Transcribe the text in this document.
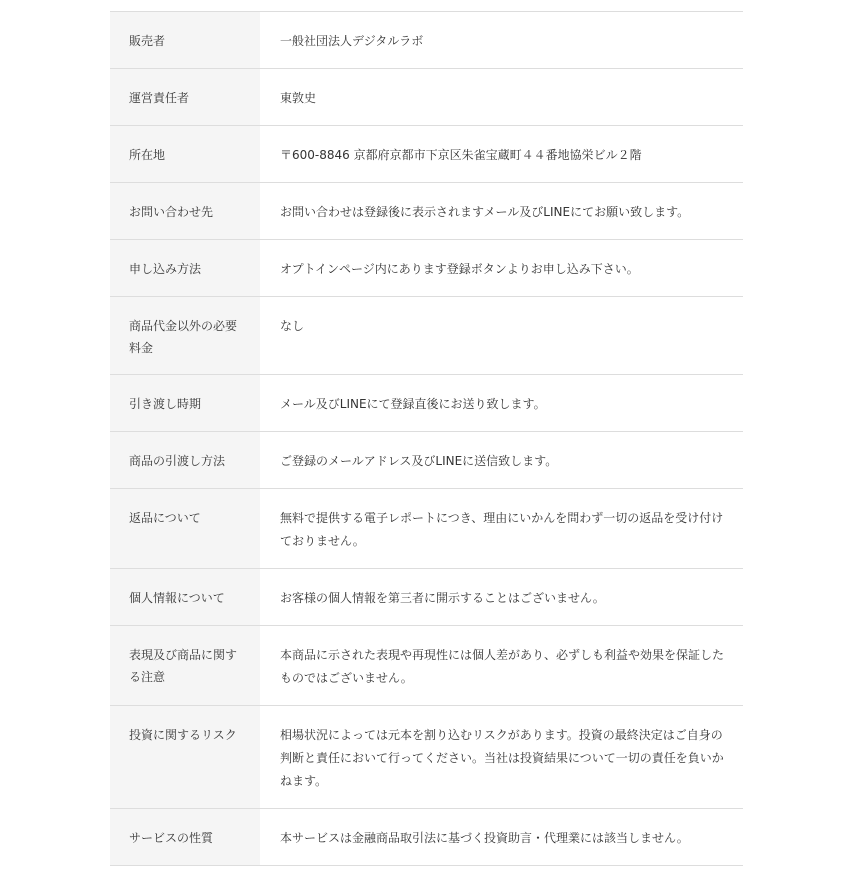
販売者	一般社団法人デジタルラボ
運営責任者	東敦史
所在地	〒600-8846 京都府京都市下京区朱雀宝蔵町４４番地協栄ビル２階
お問い合わせ先	お問い合わせは登録後に表示されますメール及びLINEにてお願い致します。
申し込み方法	オプトインページ内にあります登録ボタンよりお申し込み下さい。
商品代金以外の必要料金	なし
引き渡し時期	メール及びLINEにて登録直後にお送り致します。
商品の引渡し方法	ご登録のメールアドレス及びLINEに送信致します。
返品について	無料で提供する電子レポートにつき、理由にいかんを問わず一切の返品を受け付けておりません。
個人情報について	お客様の個人情報を第三者に開示することはございません。
表現及び商品に関する注意	本商品に示された表現や再現性には個人差があり、必ずしも利益や効果を保証したものではございません。
投資に関するリスク	相場状況によっては元本を割り込むリスクがあります。投資の最終決定はご自身の判断と責任において行ってください。当社は投資結果について一切の責任を負いかねます。
サービスの性質	本サービスは金融商品取引法に基づく投資助言・代理業には該当しません。
